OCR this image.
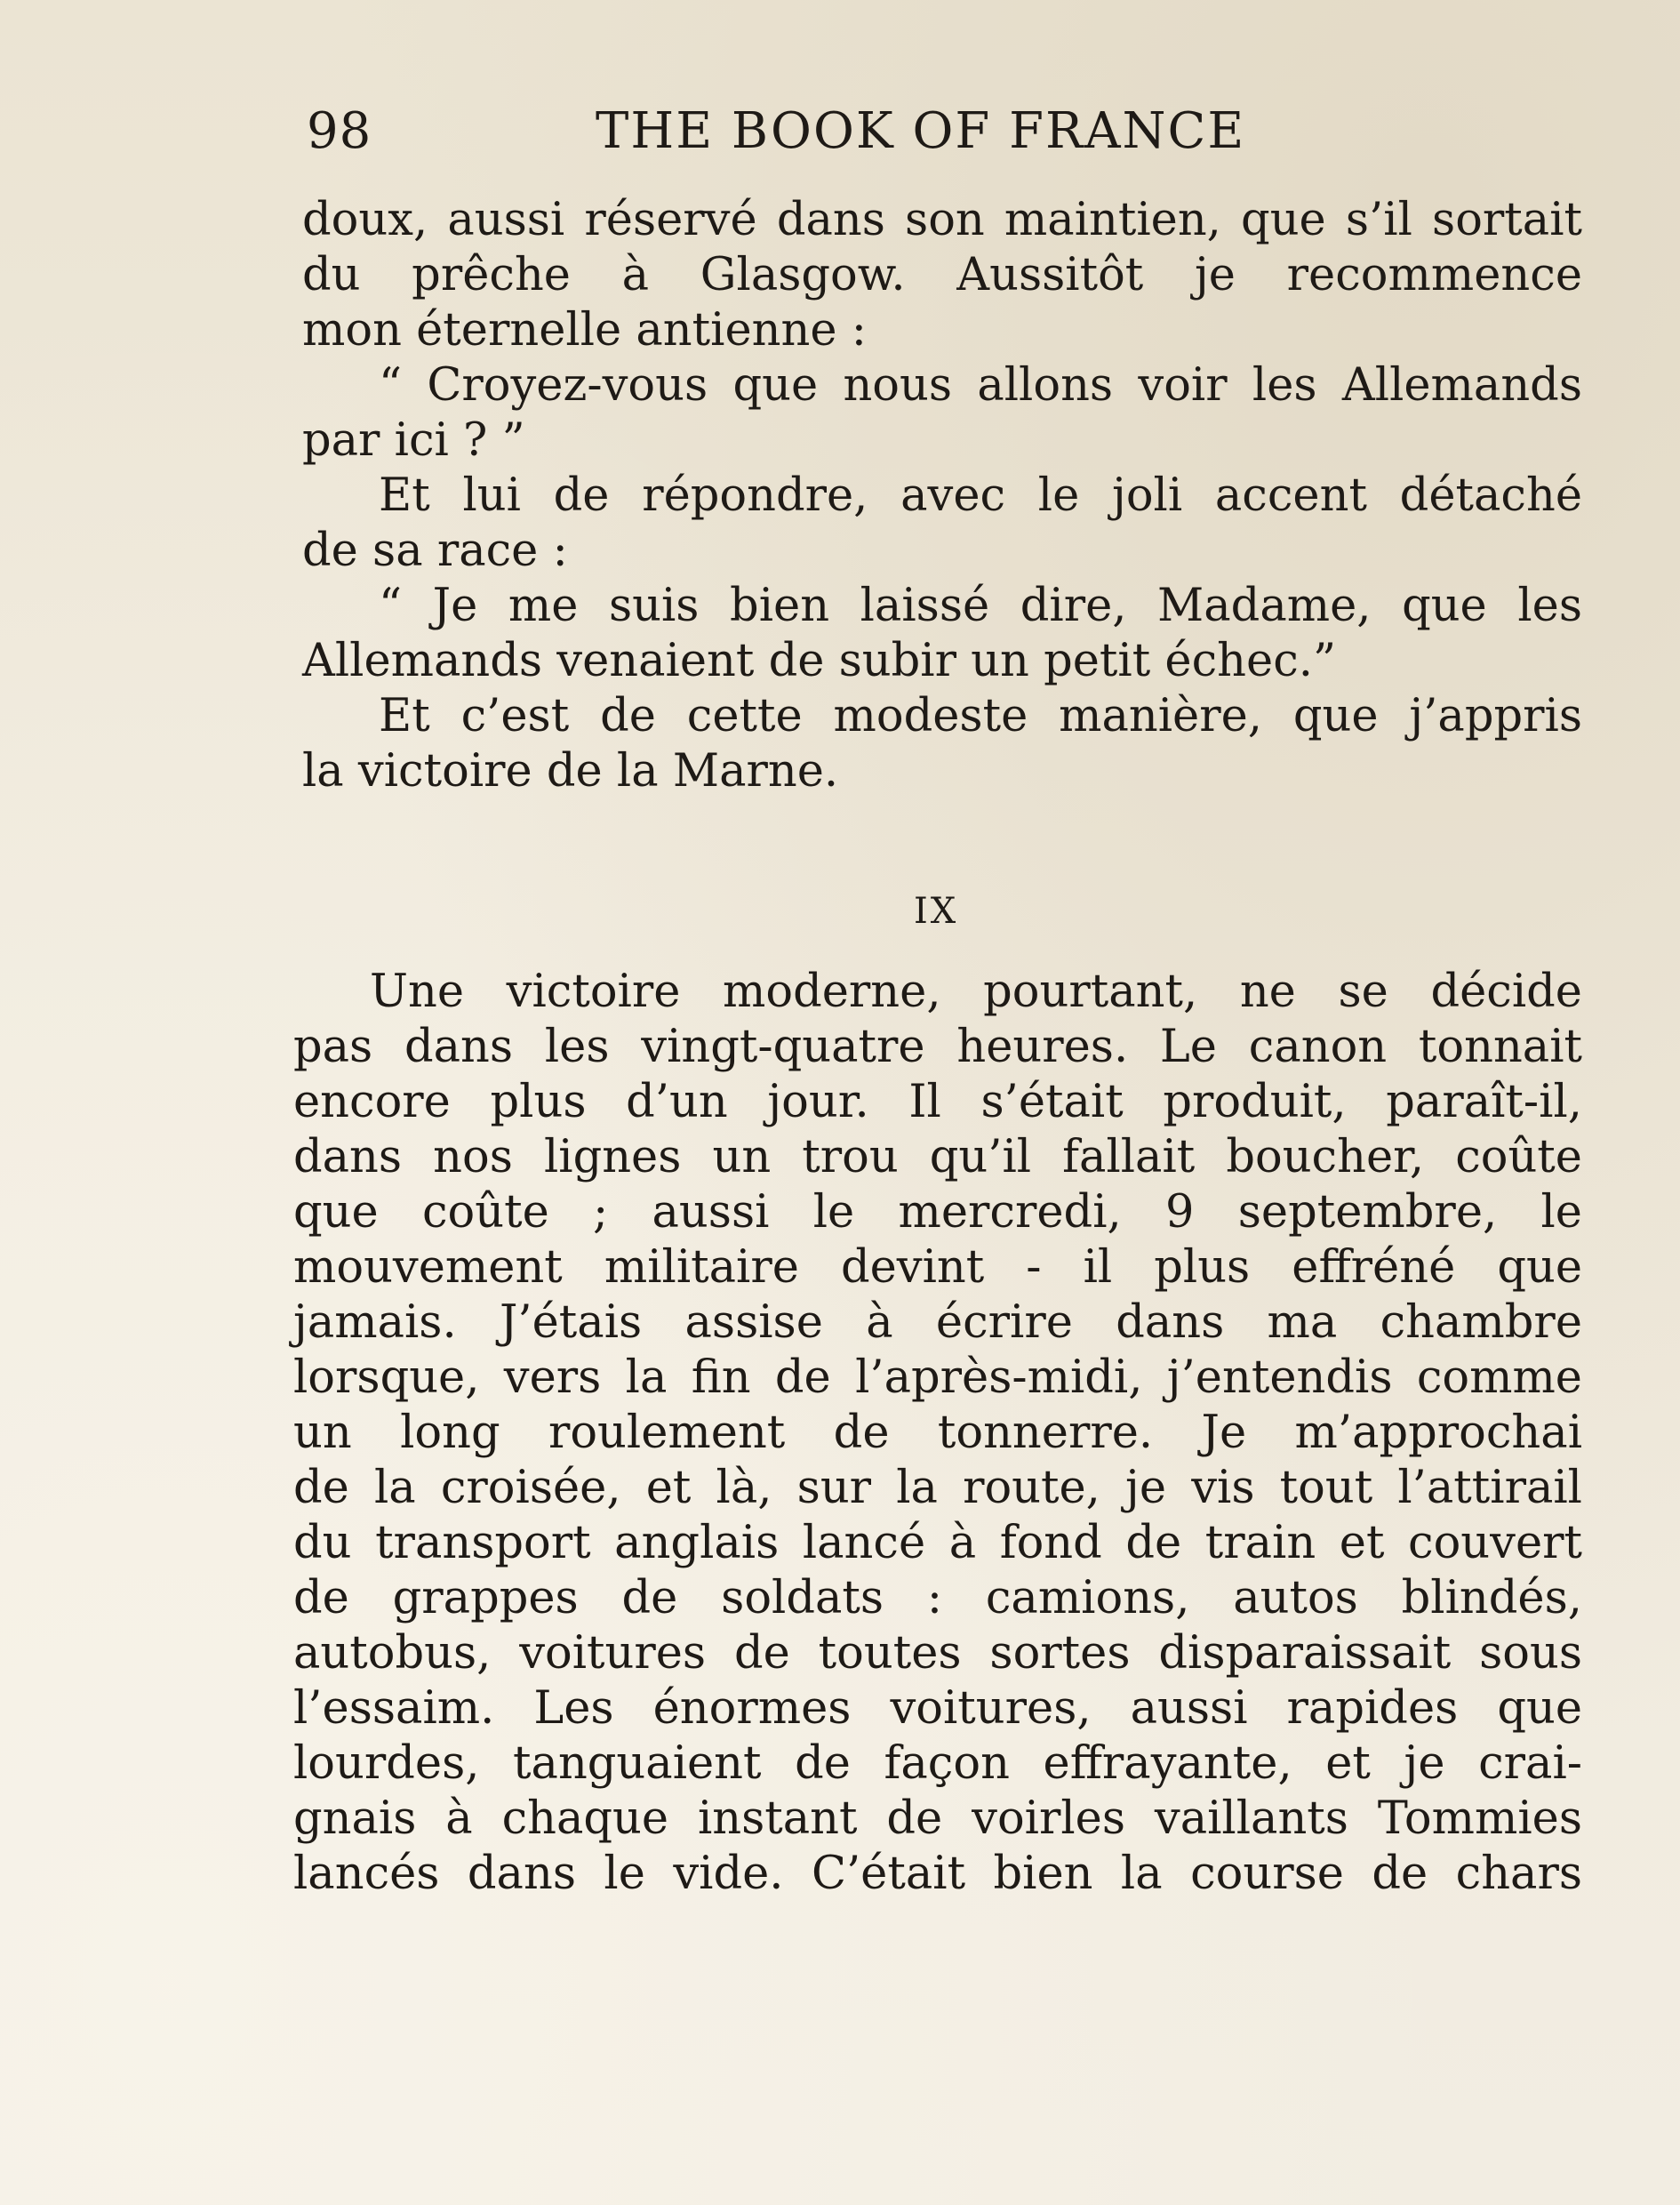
98	THE BOOK OF FRANCE
doux, aussi réservé dans son maintien, que s’il sortait
du prêche à Glasgow. Aussitôt je recommence
mon éternelle antienne :
“ Croyez-vous que nous allons voir les Allemands
par ici ? ”
Et lui de répondre, avec le joli accent détaché
de sa race :
“ Je me suis bien laissé dire, Madame, que les
Allemands venaient de subir un petit échec.”
Et c’est de cette modeste manière, que j’appris
la victoire de la Marne.
IX
Une victoire moderne, pourtant, ne se décide
pas dans les vingt-quatre heures. Le canon tonnait
encore plus d’un jour. Il s’était produit, paraît-il,
dans nos lignes un trou qu’il fallait boucher, coûte
que coûte ; aussi le mercredi, 9 septembre, le
mouvement militaire devint - il plus effréné que
jamais. J’étais assise à écrire dans ma chambre
lorsque, vers la fin de l’après-midi, j’entendis comme
un long roulement de tonnerre. Je m’approchai
de la croisée, et là, sur la route, je vis tout l’attirail
du transport anglais lancé à fond de train et couvert
de grappes de soldats : camions, autos blindés,
autobus, voitures de toutes sortes disparaissait sous
l’essaim. Les énormes voitures, aussi rapides que
lourdes, tanguaient de façon effrayante, et je crai-
gnais à chaque instant de voirles vaillants Tommies
lancés dans le vide. C’était bien la course de chars
